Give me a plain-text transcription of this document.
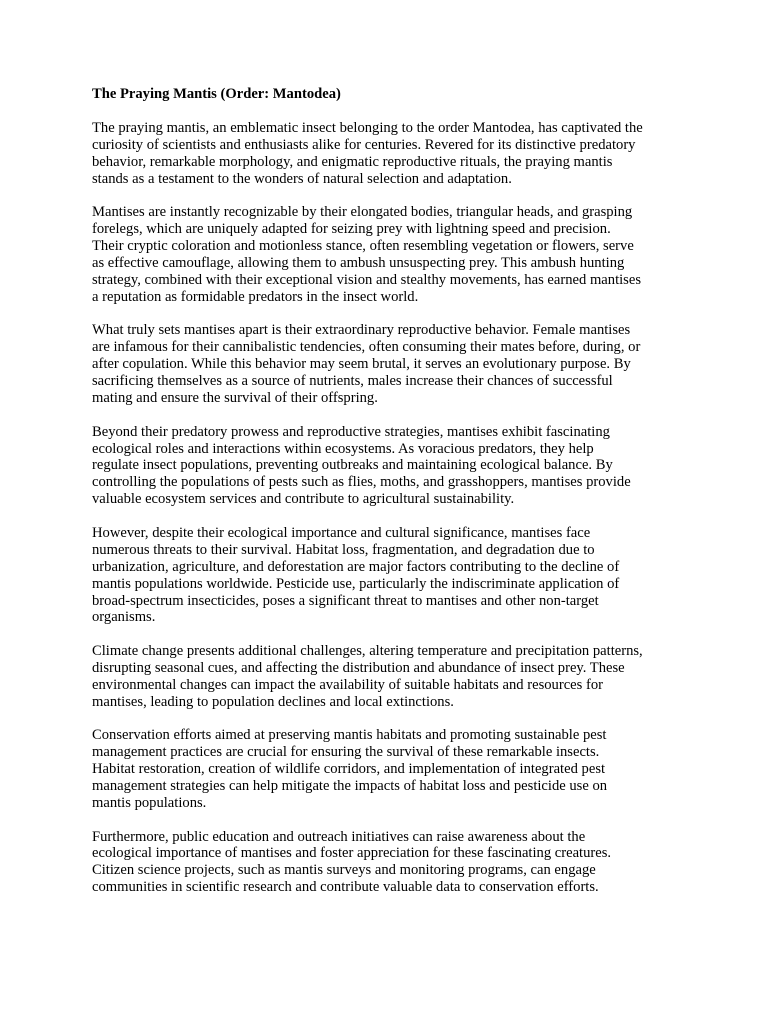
The Praying Mantis (Order: Mantodea)

The praying mantis, an emblematic insect belonging to the order Mantodea, has captivated the
curiosity of scientists and enthusiasts alike for centuries. Revered for its distinctive predatory
behavior, remarkable morphology, and enigmatic reproductive rituals, the praying mantis
stands as a testament to the wonders of natural selection and adaptation.

Mantises are instantly recognizable by their elongated bodies, triangular heads, and grasping
forelegs, which are uniquely adapted for seizing prey with lightning speed and precision.
Their cryptic coloration and motionless stance, often resembling vegetation or flowers, serve
as effective camouflage, allowing them to ambush unsuspecting prey. This ambush hunting
strategy, combined with their exceptional vision and stealthy movements, has earned mantises
a reputation as formidable predators in the insect world.

What truly sets mantises apart is their extraordinary reproductive behavior. Female mantises
are infamous for their cannibalistic tendencies, often consuming their mates before, during, or
after copulation. While this behavior may seem brutal, it serves an evolutionary purpose. By
sacrificing themselves as a source of nutrients, males increase their chances of successful
mating and ensure the survival of their offspring.

Beyond their predatory prowess and reproductive strategies, mantises exhibit fascinating
ecological roles and interactions within ecosystems. As voracious predators, they help
regulate insect populations, preventing outbreaks and maintaining ecological balance. By
controlling the populations of pests such as flies, moths, and grasshoppers, mantises provide
valuable ecosystem services and contribute to agricultural sustainability.

However, despite their ecological importance and cultural significance, mantises face
numerous threats to their survival. Habitat loss, fragmentation, and degradation due to
urbanization, agriculture, and deforestation are major factors contributing to the decline of
mantis populations worldwide. Pesticide use, particularly the indiscriminate application of
broad-spectrum insecticides, poses a significant threat to mantises and other non-target
organisms.

Climate change presents additional challenges, altering temperature and precipitation patterns,
disrupting seasonal cues, and affecting the distribution and abundance of insect prey. These
environmental changes can impact the availability of suitable habitats and resources for
mantises, leading to population declines and local extinctions.

Conservation efforts aimed at preserving mantis habitats and promoting sustainable pest
management practices are crucial for ensuring the survival of these remarkable insects.
Habitat restoration, creation of wildlife corridors, and implementation of integrated pest
management strategies can help mitigate the impacts of habitat loss and pesticide use on
mantis populations.

Furthermore, public education and outreach initiatives can raise awareness about the
ecological importance of mantises and foster appreciation for these fascinating creatures.
Citizen science projects, such as mantis surveys and monitoring programs, can engage
communities in scientific research and contribute valuable data to conservation efforts.
